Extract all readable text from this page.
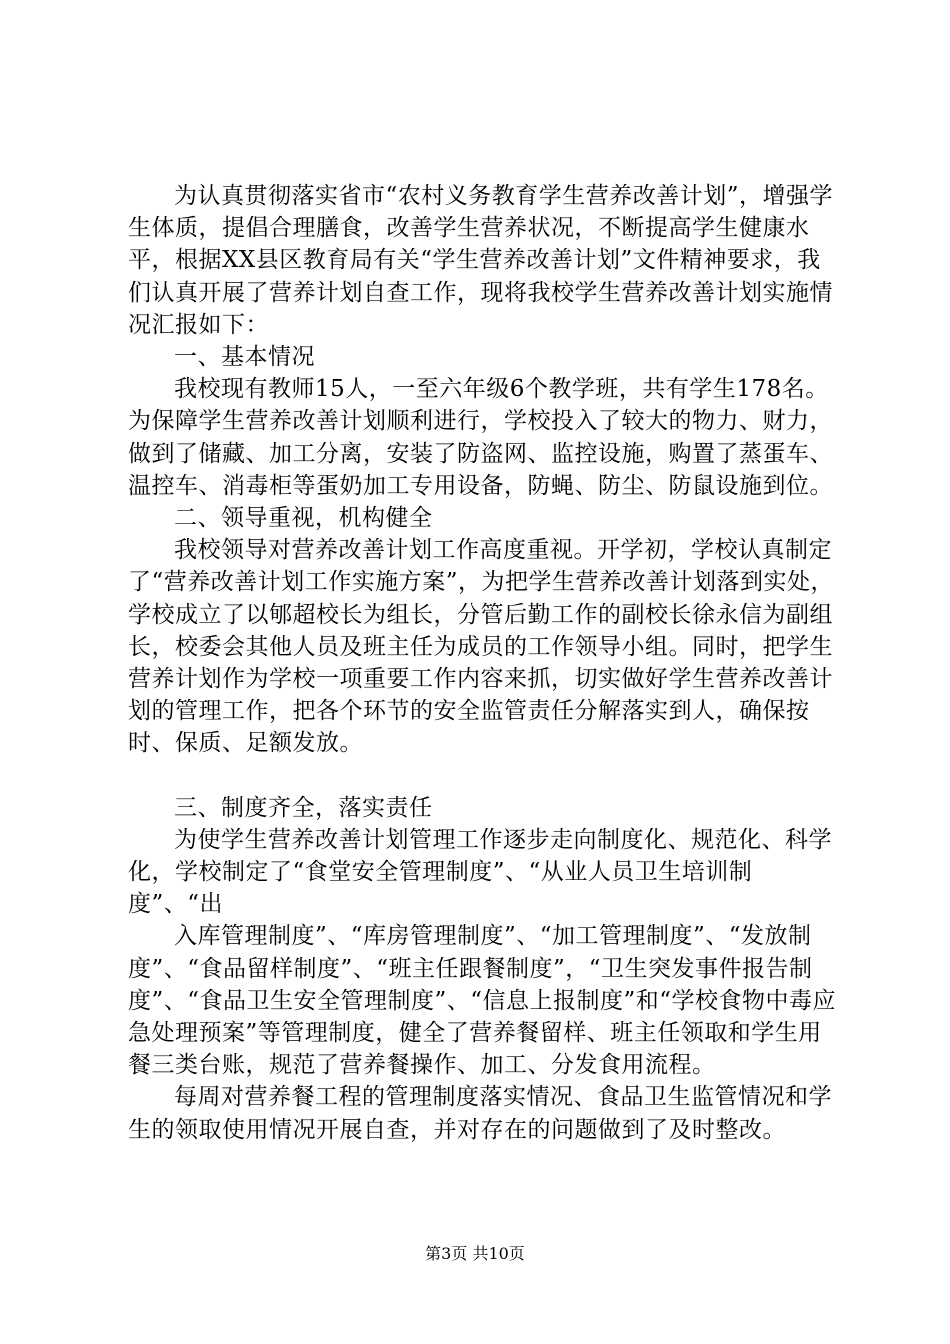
为认真贯彻落实省市“农村义务教育学生营养改善计划”，增强学生体质，提倡合理膳食，改善学生营养状况，不断提高学生健康水平，根据XX县区教育局有关“学生营养改善计划”文件精神要求，我们认真开展了营养计划自查工作，现将我校学生营养改善计划实施情况汇报如下：

一、基本情况

我校现有教师15人，一至六年级6个教学班，共有学生178名。为保障学生营养改善计划顺利进行，学校投入了较大的物力、财力，做到了储藏、加工分离，安装了防盗网、监控设施，购置了蒸蛋车、温控车、消毒柜等蛋奶加工专用设备，防蝇、防尘、防鼠设施到位。

二、领导重视，机构健全

我校领导对营养改善计划工作高度重视。开学初，学校认真制定了“营养改善计划工作实施方案”，为把学生营养改善计划落到实处，学校成立了以郇超校长为组长，分管后勤工作的副校长徐永信为副组长，校委会其他人员及班主任为成员的工作领导小组。同时，把学生营养计划作为学校一项重要工作内容来抓，切实做好学生营养改善计划的管理工作，把各个环节的安全监管责任分解落实到人，确保按时、保质、足额发放。

三、制度齐全，落实责任

为使学生营养改善计划管理工作逐步走向制度化、规范化、科学化，学校制定了“食堂安全管理制度”、“从业人员卫生培训制度”、“出

入库管理制度”、“库房管理制度”、“加工管理制度”、“发放制度”、“食品留样制度”、“班主任跟餐制度”，“卫生突发事件报告制度”、“食品卫生安全管理制度”、“信息上报制度”和“学校食物中毒应急处理预案”等管理制度，健全了营养餐留样、班主任领取和学生用餐三类台账，规范了营养餐操作、加工、分发食用流程。

每周对营养餐工程的管理制度落实情况、食品卫生监管情况和学生的领取使用情况开展自查，并对存在的问题做到了及时整改。

第3页 共10页
